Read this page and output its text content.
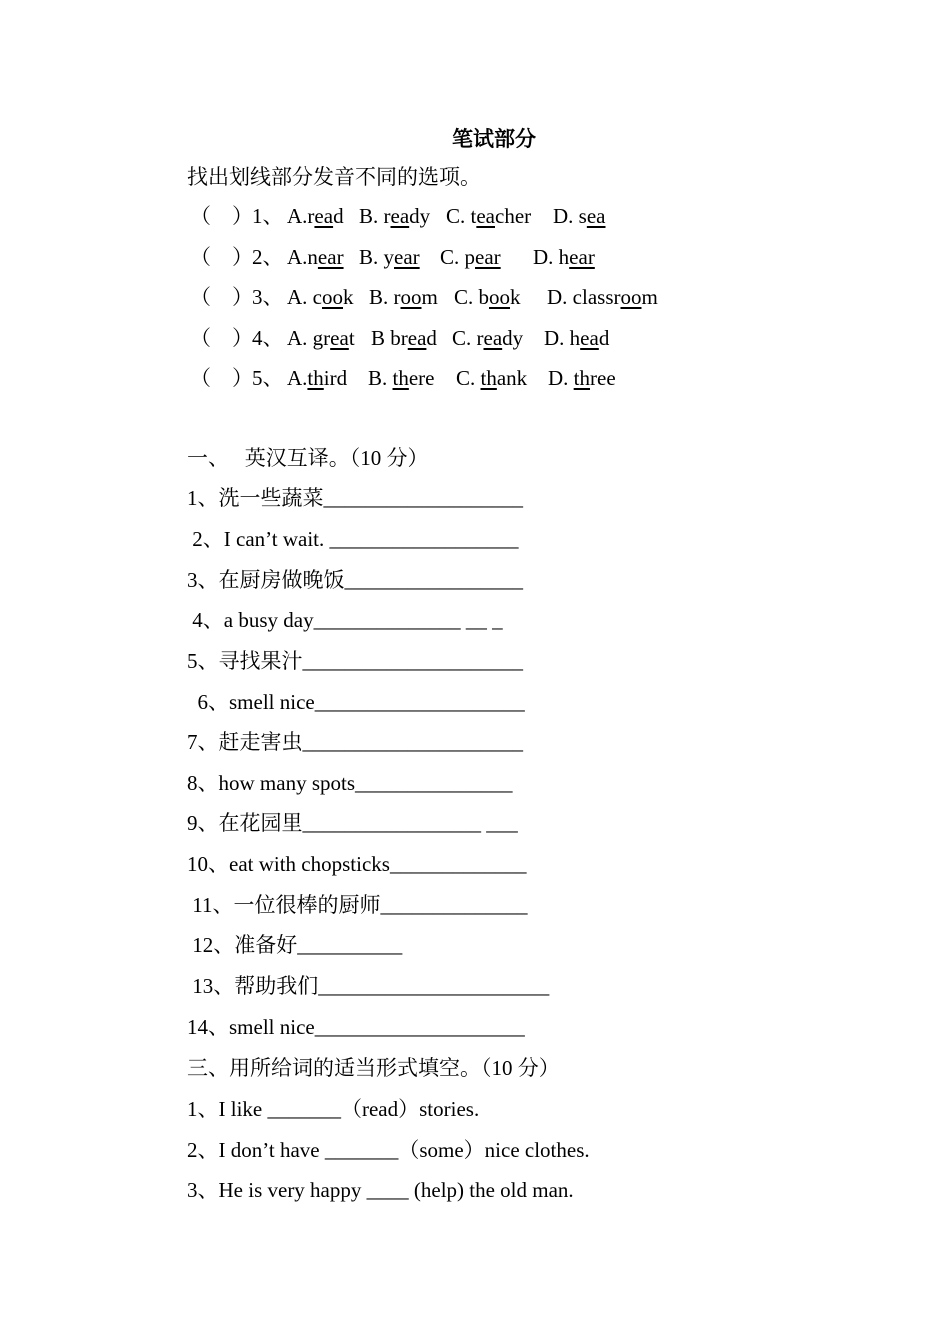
笔试部分
找出划线部分发音不同的选项。
（    ） 1、 A.read B. ready C. teacher D. sea
（    ） 2、 A.near B. year C. pear D. hear
（    ） 3、 A. cook B. room C. book D. classroom
（    ） 4、 A. great B bread C. ready D. head
（    ） 5、 A.third B. there C. thank D. three
一、   英汉互译。（10 分）
1、洗一些蔬菜___________________
2、I can’t wait. __________________
3、在厨房做晚饭_________________
4、a busy day______________ __ _
5、寻找果汁_____________________
6、smell nice____________________
7、赶走害虫_____________________
8、how many spots_______________
9、在花园里_________________ ___
10、eat with chopsticks_____________
11、一位很棒的厨师______________
12、准备好__________
13、帮助我们______________________
14、smell nice____________________
三、用所给词的适当形式填空。（10 分）
1、I like _______（read）stories.
2、I don’t have _______（some）nice clothes.
3、He is very happy ____ (help) the old man.
